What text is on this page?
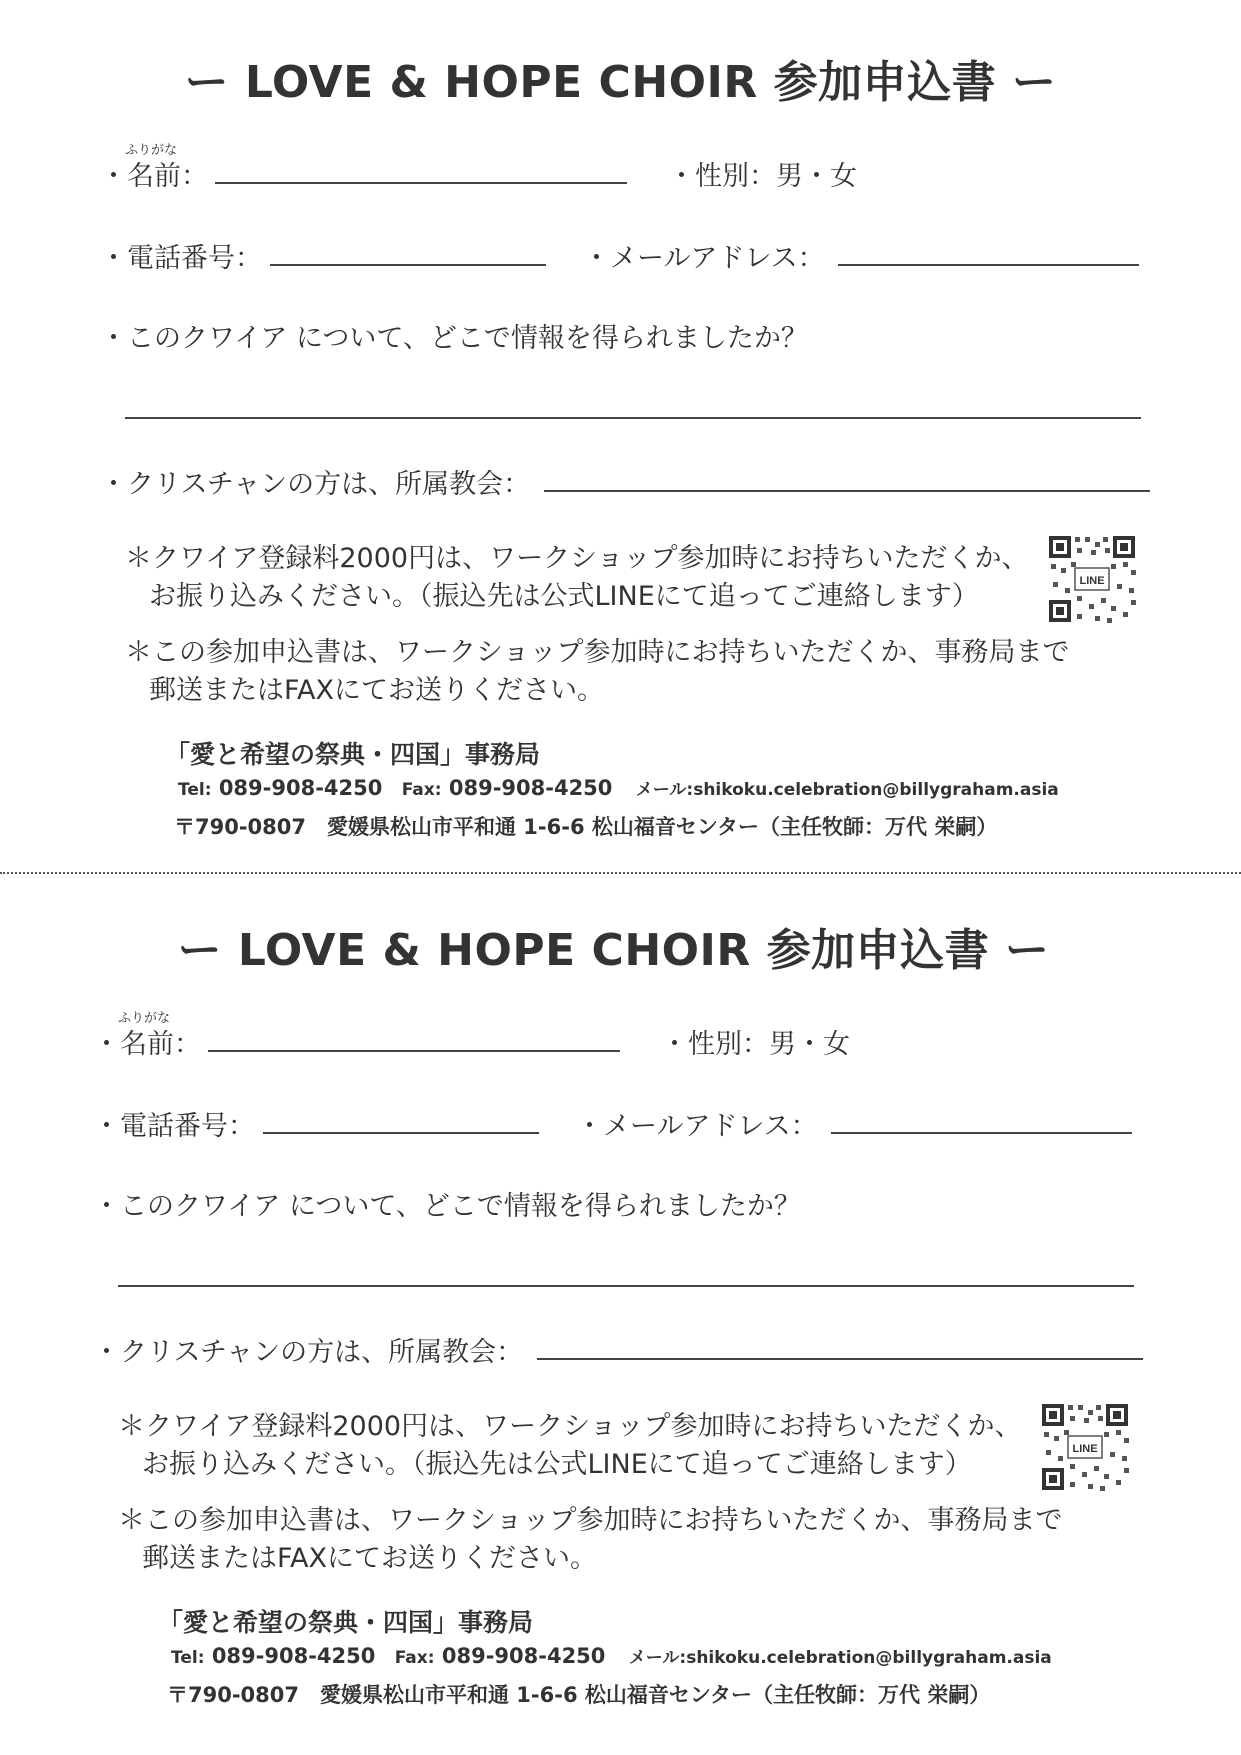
ー LOVE & HOPE CHOIR 参加申込書 ー
ふりがな
・名前：	・性別：男・女
・電話番号：	・メールアドレス：
・このクワイア について、どこで情報を得られましたか？
・クリスチャンの方は、所属教会：
＊クワイア登録料2000円は、ワークショップ参加時にお持ちいただくか、
お振り込みください。（振込先は公式LINEにて追ってご連絡します）	LINE
＊この参加申込書は、ワークショップ参加時にお持ちいただくか、事務局まで
郵送またはFAXにてお送りください。
「愛と希望の祭典・四国」事務局
Tel: 089-908-4250 Fax: 089-908-4250 メール:shikoku.celebration@billygraham.asia
〒790-0807　愛媛県松山市平和通 1-6-6 松山福音センター（主任牧師：万代 栄嗣）
ー LOVE & HOPE CHOIR 参加申込書 ー
ふりがな
・名前：	・性別：男・女
・電話番号：	・メールアドレス：
・このクワイア について、どこで情報を得られましたか？
・クリスチャンの方は、所属教会：
＊クワイア登録料2000円は、ワークショップ参加時にお持ちいただくか、
お振り込みください。（振込先は公式LINEにて追ってご連絡します）	LINE
＊この参加申込書は、ワークショップ参加時にお持ちいただくか、事務局まで
郵送またはFAXにてお送りください。
「愛と希望の祭典・四国」事務局
Tel: 089-908-4250 Fax: 089-908-4250 メール:shikoku.celebration@billygraham.asia
〒790-0807　愛媛県松山市平和通 1-6-6 松山福音センター（主任牧師：万代 栄嗣）
